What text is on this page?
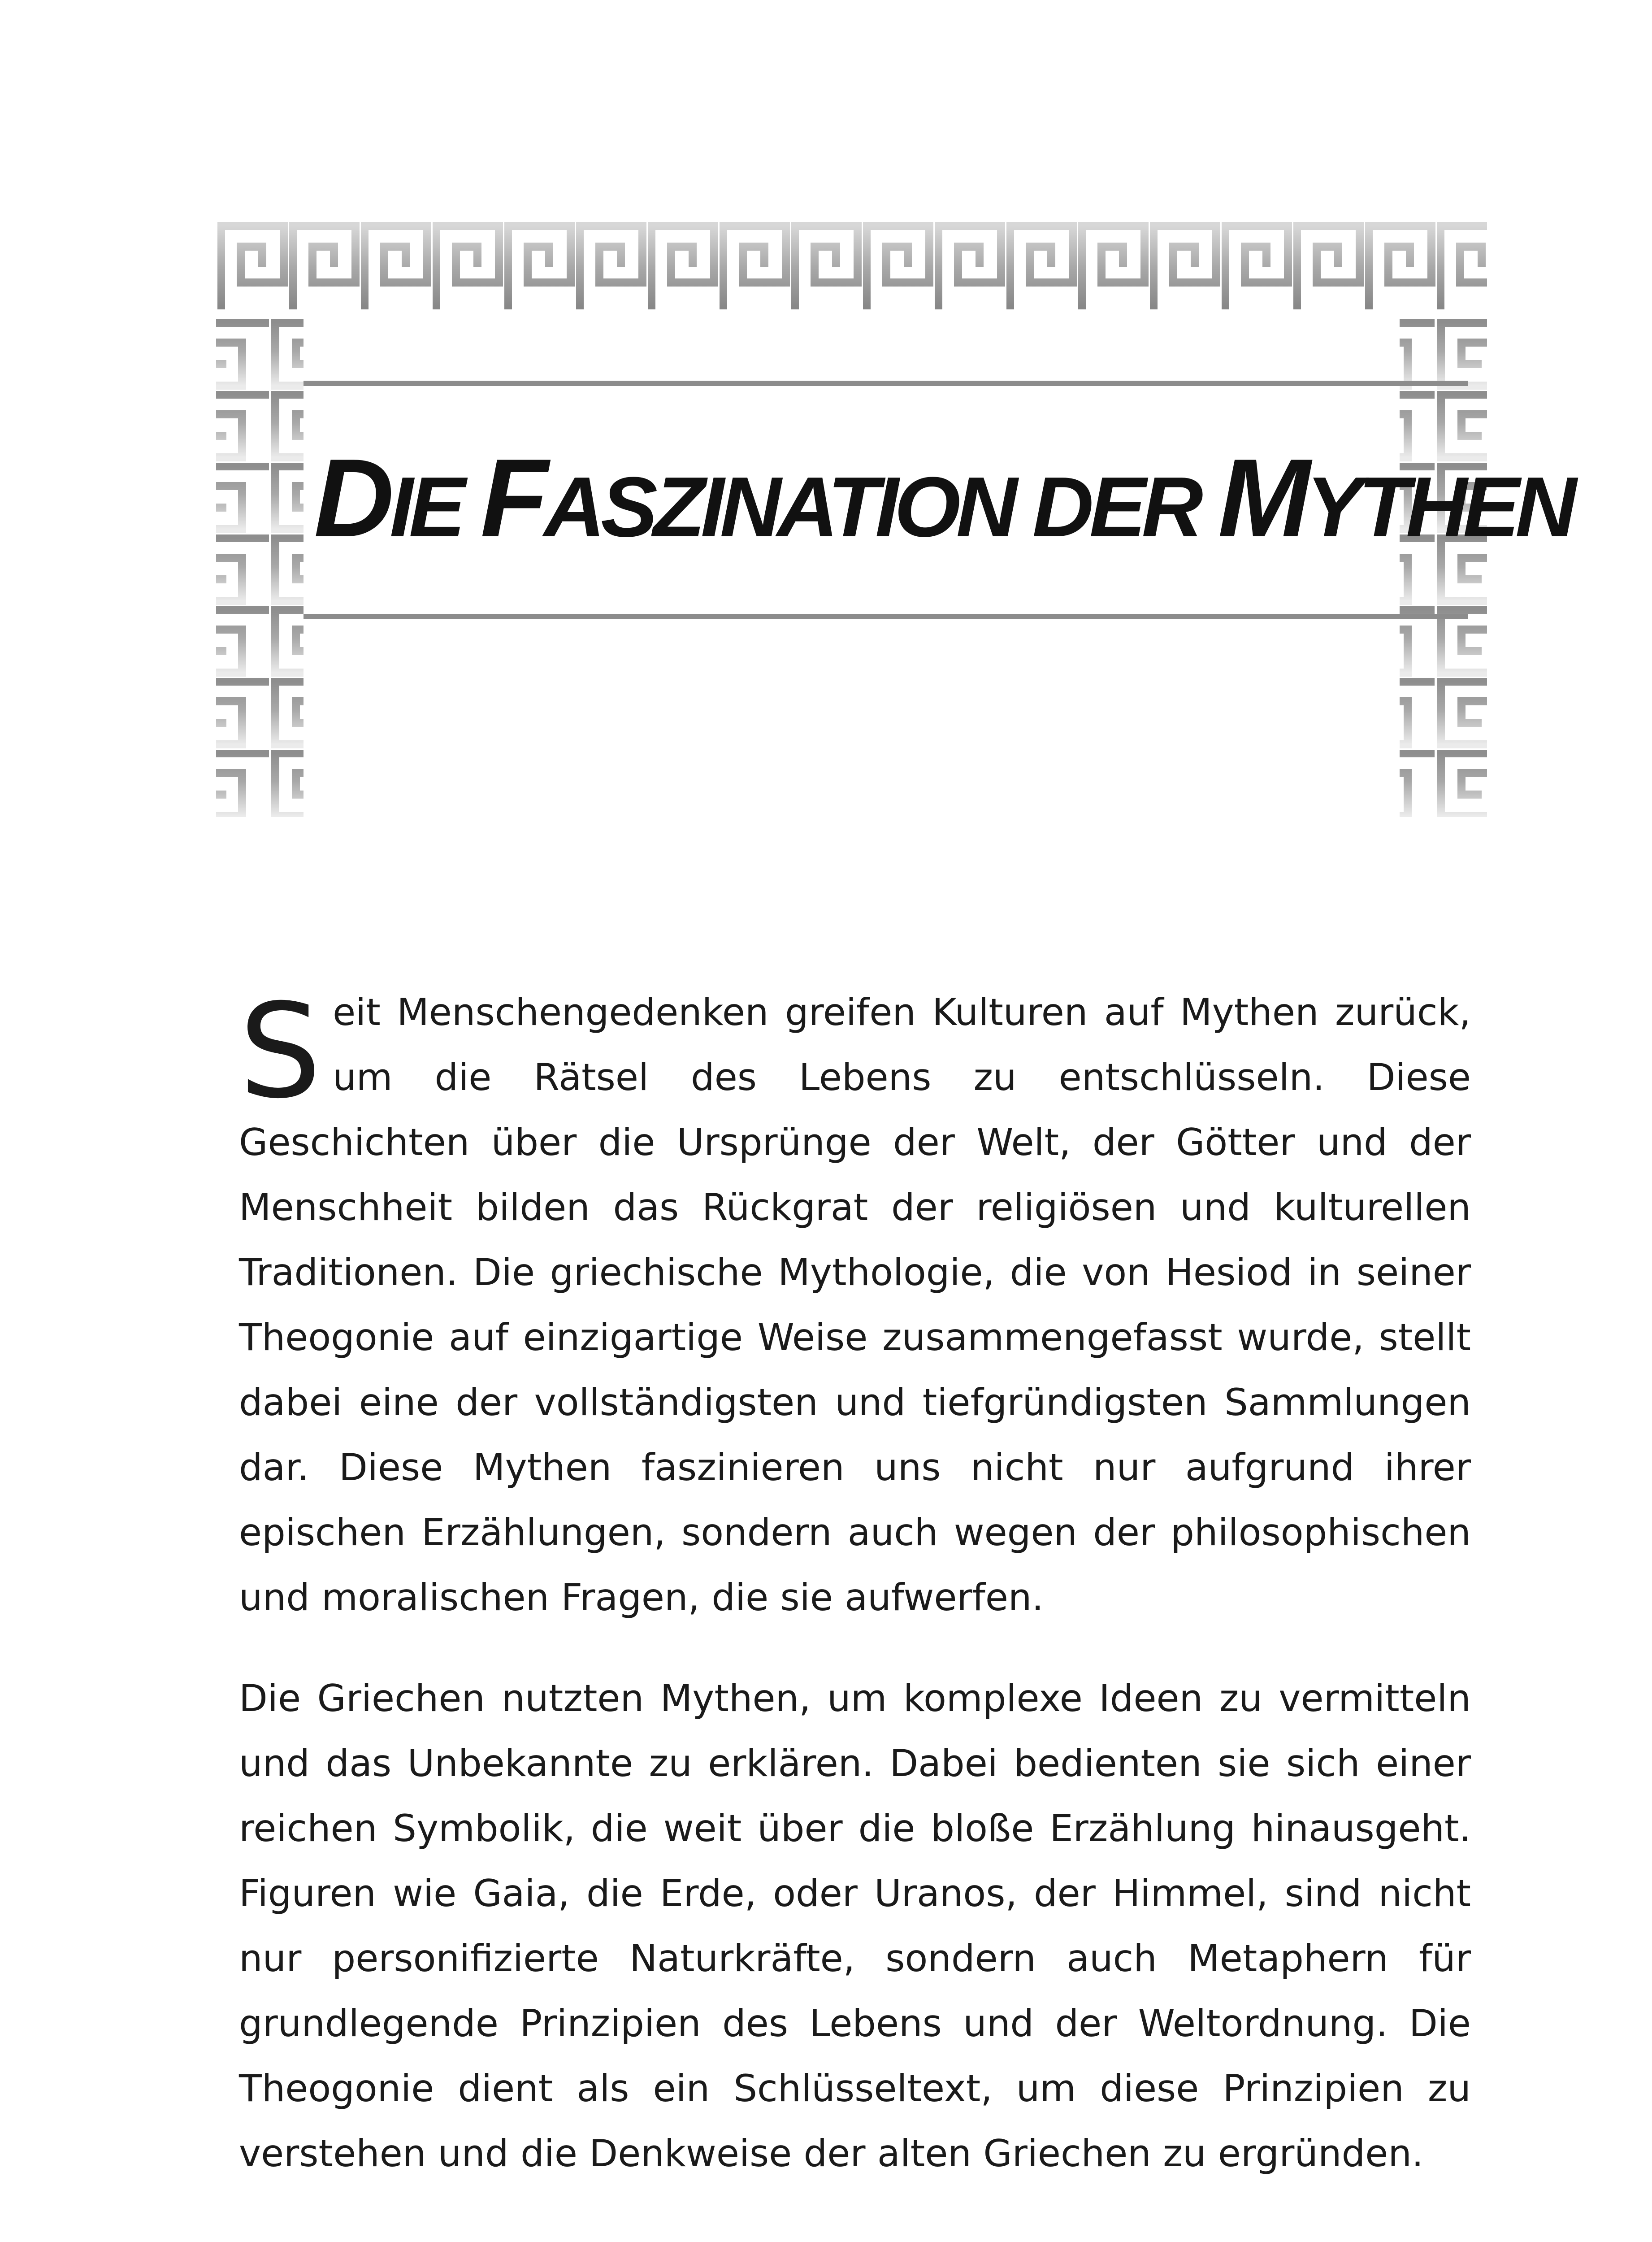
DIE FASZINATION DER MYTHEN

Seit Menschengedenken greifen Kulturen auf Mythen zurück, um die Rätsel des Lebens zu entschlüsseln. Diese Geschichten über die Ursprünge der Welt, der Götter und der Menschheit bilden das Rückgrat der religiösen und kulturellen Traditionen. Die griechische Mythologie, die von Hesiod in seiner Theogonie auf einzigartige Weise zusammengefasst wurde, stellt dabei eine der vollständigsten und tiefgründigsten Sammlungen dar. Diese Mythen faszinieren uns nicht nur aufgrund ihrer epischen Erzählungen, sondern auch wegen der philosophischen und moralischen Fragen, die sie aufwerfen.

Die Griechen nutzten Mythen, um komplexe Ideen zu vermitteln und das Unbekannte zu erklären. Dabei bedienten sie sich einer reichen Symbolik, die weit über die bloße Erzählung hinausgeht. Figuren wie Gaia, die Erde, oder Uranos, der Himmel, sind nicht nur personifizierte Naturkräfte, sondern auch Metaphern für grundlegende Prinzipien des Lebens und der Weltordnung. Die Theogonie dient als ein Schlüsseltext, um diese Prinzipien zu verstehen und die Denkweise der alten Griechen zu ergründen.
